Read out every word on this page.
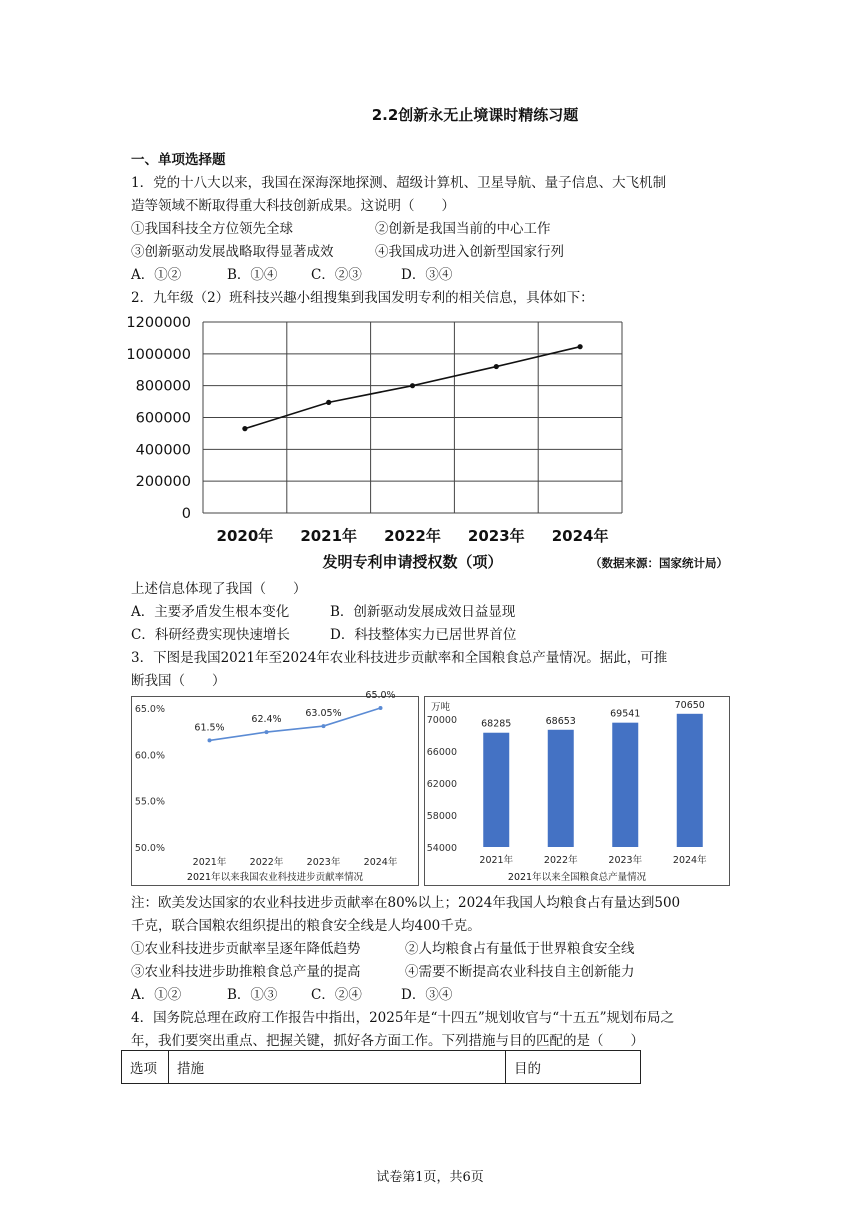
2.2创新永无止境课时精练习题
一、单项选择题
1．党的十八大以来，我国在深海深地探测、超级计算机、卫星导航、量子信息、大飞机制
造等领域不断取得重大科技创新成果。这说明（　　）
①我国科技全方位领先全球	②创新是我国当前的中心工作
③创新驱动发展战略取得显著成效	④我国成功进入创新型国家行列
A．①②	B．①④ C．②③	D．③④
2．九年级（2）班科技兴趣小组搜集到我国发明专利的相关信息，具体如下：
0
200000
400000
600000
800000
1000000
1200000
2020年 2021年 2022年 2023年 2024年
发明专利申请授权数（项）	（数据来源：国家统计局）
上述信息体现了我国（　　）
A．主要矛盾发生根本变化	B．创新驱动发展成效日益显现
C．科研经费实现快速增长	D．科技整体实力已居世界首位
3．下图是我国2021年至2024年农业科技进步贡献率和全国粮食总产量情况。据此，可推
断我国（　　）
50.0%
55.0%
60.0%
65.0%
2021年 2022年 2023年 2024年
61.5%
62.4%
63.05%
65.0%
2021年以来我国农业科技进步贡献率情况
54000
58000
62000
66000
70000
万吨
68285
2021年
68653
2022年
69541
2023年
70650
2024年
2021年以来全国粮食总产量情况
注：欧美发达国家的农业科技进步贡献率在80%以上；2024年我国人均粮食占有量达到500
千克，联合国粮农组织提出的粮食安全线是人均400千克。
①农业科技进步贡献率呈逐年降低趋势	②人均粮食占有量低于世界粮食安全线
③农业科技进步助推粮食总产量的提高	④需要不断提高农业科技自主创新能力
A．①②	B．①③ C．②④	D．③④
4．国务院总理在政府工作报告中指出，2025年是“十四五”规划收官与“十五五”规划布局之
年，我们要突出重点、把握关键，抓好各方面工作。下列措施与目的匹配的是（　　）
选项	措施	目的
试卷第1页，共6页
